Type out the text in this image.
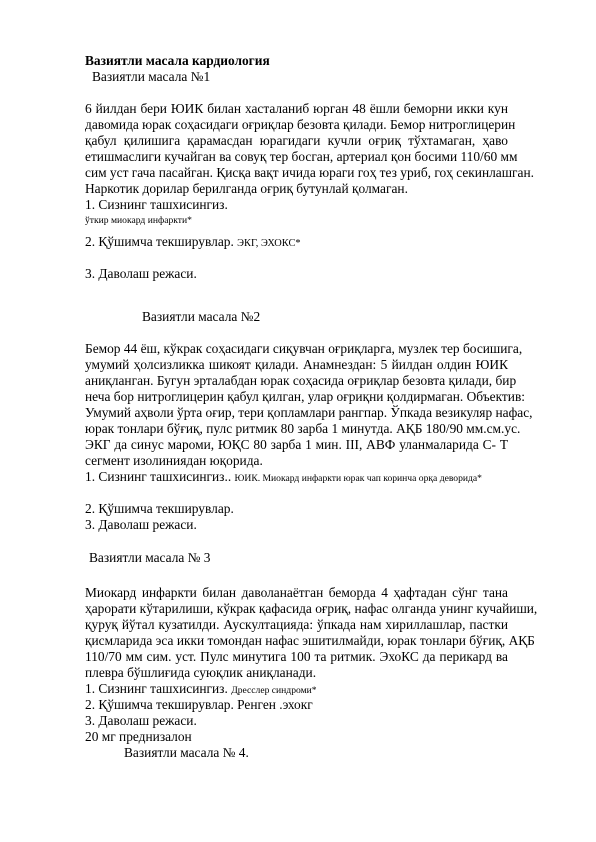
Вазиятли масала кардиология
Вазиятли масала №1
6 йилдан бери ЮИК билан хасталаниб юрган 48 ёшли беморни икки кун
давомида юрак соҳасидаги оғриқлар безовта қилади. Бемор нитроглицерин
қабул қилишига қарамасдан юрагидаги кучли оғриқ тўхтамаган, ҳаво
етишмаслиги кучайган ва совуқ тер босган, артериал қон босими 110/60 мм
сим уст гача пасайган. Қисқа вақт ичида юраги гоҳ тез уриб, гоҳ секинлашган.
Наркотик дорилар берилганда оғриқ бутунлай қолмаган.
1. Сизнинг ташхисингиз.
ўткир миокард инфаркти*
2. Қўшимча текширувлар. ЭКГ, ЭХОКС*
3. Даволаш режаси.
Вазиятли масала №2
Бемор 44 ёш, кўкрак соҳасидаги сиқувчан оғриқларга, музлек тер босишига,
умумий ҳолсизликка шикоят қилади. Анамнездан: 5 йилдан олдин ЮИК
аниқланган. Бугун эрталабдан юрак соҳасида оғриқлар безовта қилади, бир
неча бор нитроглицерин қабул қилган, улар оғриқни қолдирмаган. Объектив:
Умумий аҳволи ўрта оғир, тери қопламлари рангпар. Ўпкада везикуляр нафас,
юрак тонлари бўғиқ, пулс ритмик 80 зарба 1 минутда. АҚБ 180/90 мм.см.ус.
ЭКГ да синус мароми, ЮҚС 80 зарба 1 мин. III, АВФ уланмаларида С- Т
сегмент изолиниядан юқорида.
1. Сизнинг ташхисингиз.. ЮИК. Миокард инфаркти юрак чап коринча орқа деворида*
2. Қўшимча текширувлар.
3. Даволаш режаси.
Вазиятли масала № 3
Миокард инфаркти билан даволанаётган беморда 4 ҳафтадан сўнг тана
ҳарорати кўтарилиши, кўкрак қафасида оғриқ, нафас олганда унинг кучайиши,
қуруқ йўтал кузатилди. Аускултацияда: ўпкада нам хириллашлар, пастки
қисмларида эса икки томондан нафас эшитилмайди, юрак тонлари бўғиқ, АҚБ
110/70 мм сим. уст. Пулс минутига 100 та ритмик. ЭхоКС да перикард ва
плевра бўшлиғида суюқлик аниқланади.
1. Сизнинг ташхисингиз. Дресслер синдроми*
2. Қўшимча текширувлар. Ренген .эхокг
3. Даволаш режаси.
20 мг преднизалон
Вазиятли масала № 4.
